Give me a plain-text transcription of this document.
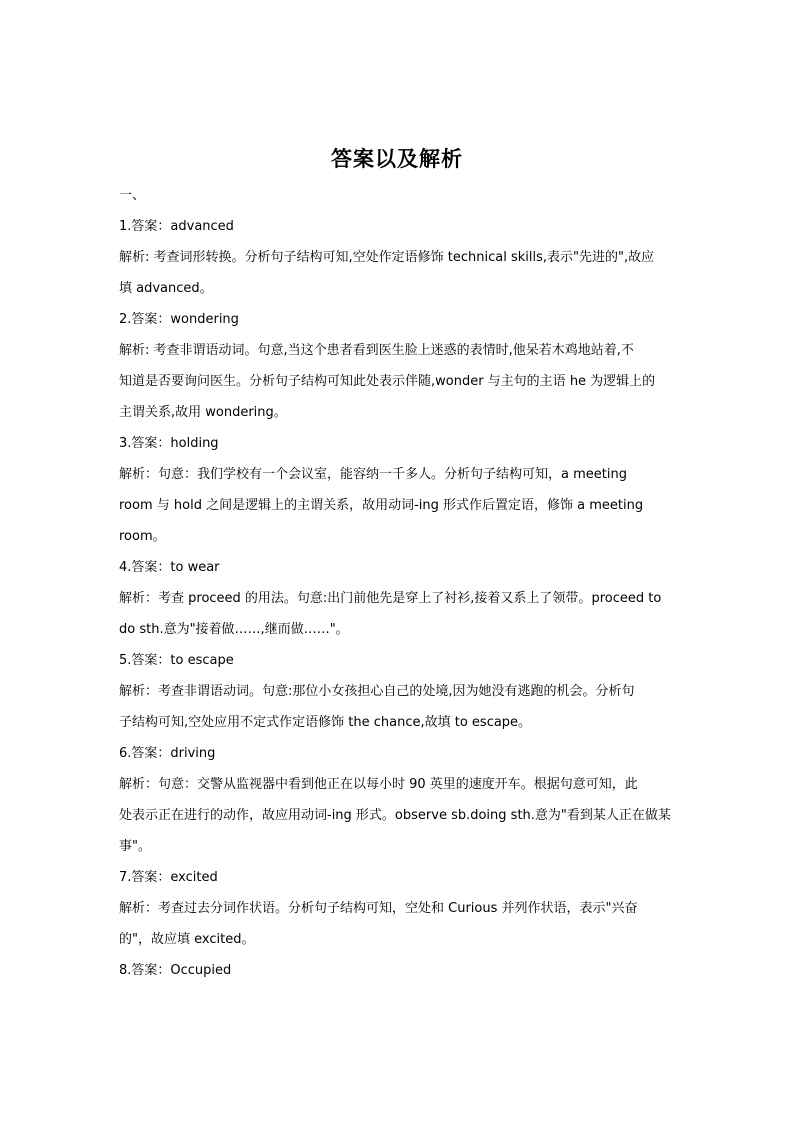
答案以及解析
一、
1.答案：advanced
解析: 考查词形转换。分析句子结构可知,空处作定语修饰 technical skills,表示"先进的",故应
填 advanced。
2.答案：wondering
解析: 考查非谓语动词。句意,当这个患者看到医生脸上迷惑的表情时,他呆若木鸡地站着,不
知道是否要询问医生。分析句子结构可知此处表示伴随,wonder 与主句的主语 he 为逻辑上的
主谓关系,故用 wondering。
3.答案：holding
解析：句意：我们学校有一个会议室，能容纳一千多人。分析句子结构可知，a meeting
room 与 hold 之间是逻辑上的主谓关系，故用动词-ing 形式作后置定语，修饰 a meeting
room。
4.答案：to wear
解析：考查 proceed 的用法。句意:出门前他先是穿上了衬衫,接着又系上了领带。proceed to
do sth.意为"接着做……,继而做……"。
5.答案：to escape
解析：考查非谓语动词。句意:那位小女孩担心自己的处境,因为她没有逃跑的机会。分析句
子结构可知,空处应用不定式作定语修饰 the chance,故填 to escape。
6.答案：driving
解析：句意：交警从监视器中看到他正在以每小时 90 英里的速度开车。根据句意可知，此
处表示正在进行的动作，故应用动词-ing 形式。observe sb.doing sth.意为"看到某人正在做某
事"。
7.答案：excited
解析：考查过去分词作状语。分析句子结构可知，空处和 Curious 并列作状语，表示"兴奋
的"，故应填 excited。
8.答案：Occupied
